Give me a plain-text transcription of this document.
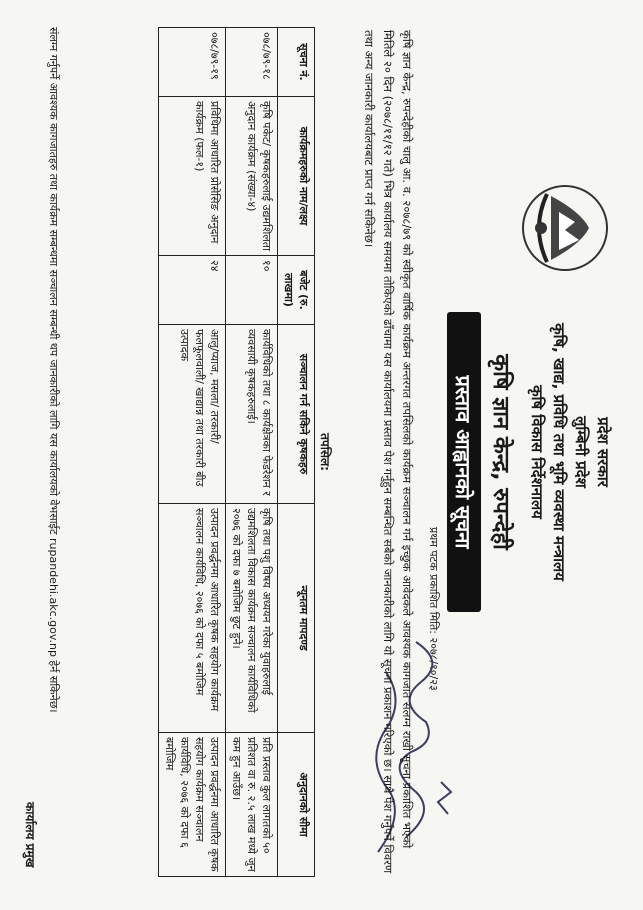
प्रदेश सरकार
लुम्बिनी प्रदेश
कृषि, खाद्य, प्रविधि तथा भूमि व्यवस्था मन्त्रालय
कृषि विकास निर्देशनालय
कृषि ज्ञान केन्द्र, रुपन्देही
प्रस्ताव आह्वानको सूचना
प्रथम पटक प्रकाशित मिति: २०७८/१०/२३
कृषि ज्ञान केन्द्र, रुपन्देहीको चालु आ. व. २०७८/७९ को स्वीकृत वार्षिक कार्यक्रम अन्तरगत तपसिलको कार्यक्रम सञ्चालन गर्न इच्छुक आवेदकले आवश्यक कागजात संलग्न राखी सूचना प्रकाशित भएको मितिले २० दिन (२०७८/११/१२ गते) भित्र कार्यालय समयमा तोकिएको ढाँचामा यस कार्यालयमा प्रस्ताव पेश गर्नुहुन सम्बन्धित सबैको जानकारीको लागि यो सूचना प्रकाशन गरिएको छ। साथै पेश गर्नुपर्ने विवरण तथा अन्य जानकारी कार्यालयबाट प्राप्त गर्न सकिनेछ।
तपसिल:
सूचना नं.	कार्यक्रमहरुको नाम/लक्ष्य	बजेट (रु. लाखमा)	सञ्चालन गर्न सकिने कृषकहरु	न्यूनतम मापदण्ड	अनुदानको सीमा
०७८/७९-१८	कृषि पकेट/ कृषकहरुलाई उद्यमशिलता अनुदान कार्यक्रम (संख्या-४)	१०	कार्यविधिको तथा ८ कार्यक्षेत्रका फेडरेशन र व्यवसायी कृषकहरुलाई।	कृषि तथा पशु विषय अध्ययन गरेका युवाहरुलाई उद्यमशिलता विकास कार्यक्रम सञ्चालन कार्यविधिको २०७६ को दफा ७ बमोजिम छुट हुने।	प्रति प्रस्ताव कुल लागतको ५० प्रतिशत वा रु. २.५ लाख मध्ये जुन कम हुन आउँछ।
०७८/७९-१९	प्रविधिमा आधारित प्रोसेसिङ अनुदान कार्यक्रम (फल-१)	२४	आलु/प्याज, मसला/ तरकारी/ फलफूलवाली/ खाद्यान्न तथा तरकारी बीउ उत्पादक	उत्पादन प्रवर्द्धनमा आधारित कृषक सहयोग कार्यक्रम सञ्चालन कार्यविधि, २०७६ को दफा ५ बमोजिम	उत्पादन प्रवर्द्धनमा आधारित कृषक सहयोग कार्यक्रम सञ्चालन कार्यविधि, २०७६ को दफा ६ बमोजिम
संलग्न गर्नुपर्ने आवश्यक कागजातहरु तथा कार्यक्रम सम्बन्धमा सञ्चालन सम्बन्धी थप जानकारीको लागि यस कार्यालयको वेभसाईट rupandehi.akc.gov.np हेर्न सकिनेछ।
कार्यालय प्रमुख
